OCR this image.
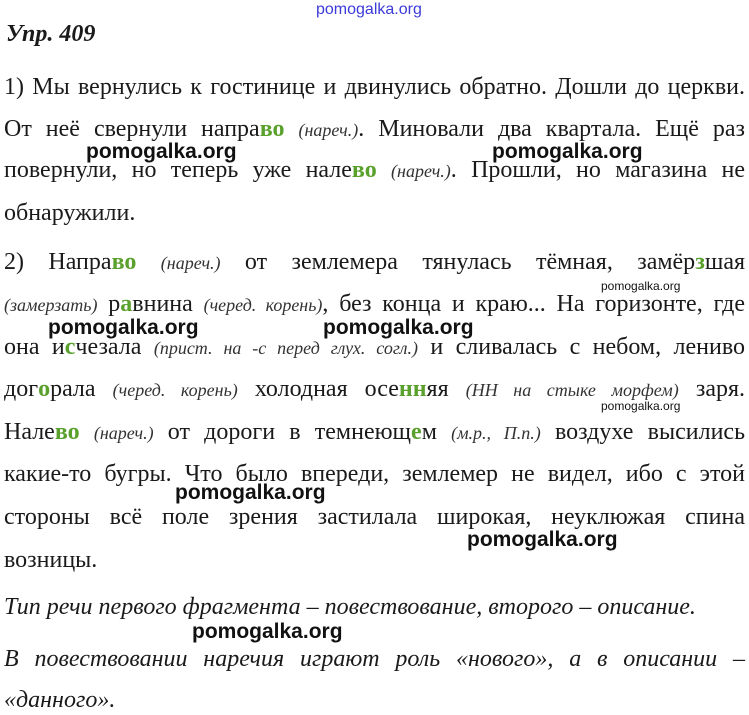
pomogalka.org
Упр. 409
1) Мы вернулись к гостинице и двинулись обратно. Дошли до церкви.
От неё свернули направо (нареч.). Миновали два квартала. Ещё раз
повернули, но теперь уже налево (нареч.). Прошли, но магазина не
обнаружили.
2) Направо (нареч.) от землемера тянулась тёмная, замёрзшая
(замерзать) равнина (черед. корень), без конца и краю... На горизонте, где
она исчезала (прист. на -с перед глух. согл.) и сливалась с небом, лениво
догорала (черед. корень) холодная осенняя (НН на стыке морфем) заря.
Налево (нареч.) от дороги в темнеющем (м.р., П.п.) воздухе высились
какие-то бугры. Что было впереди, землемер не видел, ибо с этой
стороны всё поле зрения застилала широкая, неуклюжая спина
возницы.
Тип речи первого фрагмента – повествование, второго – описание.
В повествовании наречия играют роль «нового», а в описании –
«данного».
pomogalka.org	pomogalka.org
pomogalka.org	pomogalka.org
pomogalka.org
pomogalka.org
pomogalka.org
pomogalka.org
pomogalka.org
